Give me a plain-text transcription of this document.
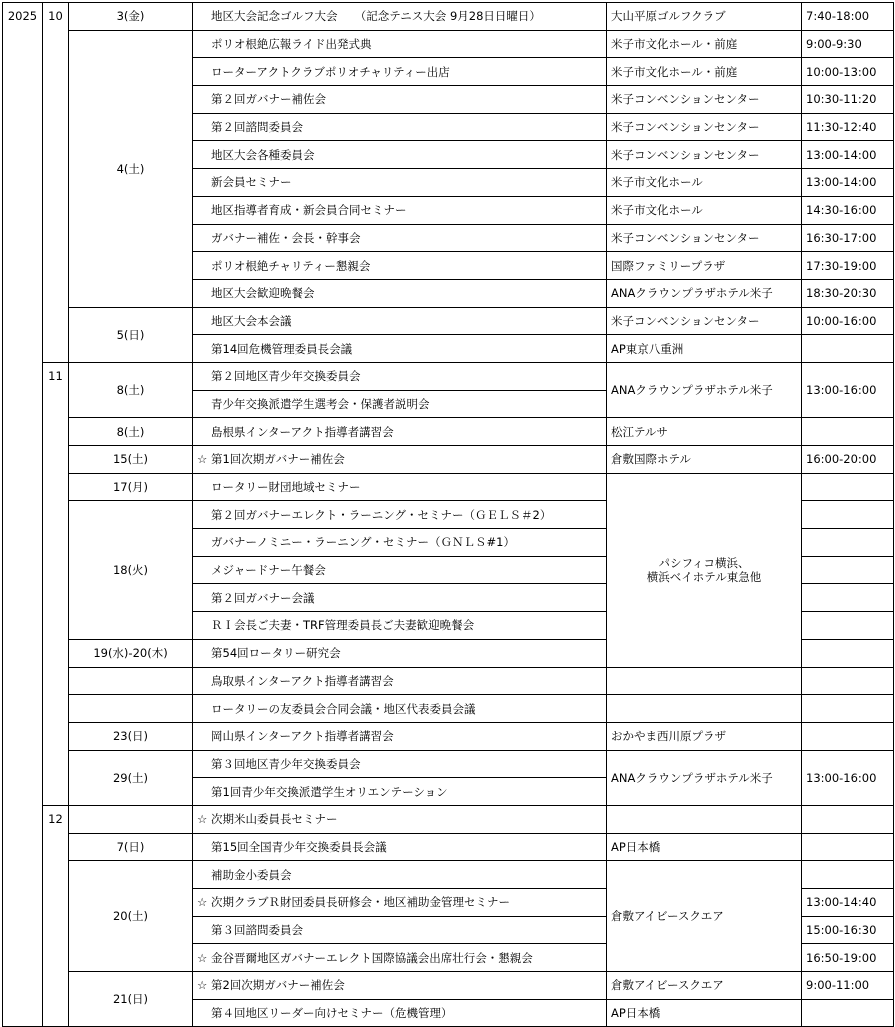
2025	10	3(金)	地区大会記念ゴルフ大会　　（記念テニス大会 9月28日日曜日）	大山平原ゴルフクラブ	7:40-18:00
		4(土)	ポリオ根絶広報ライド出発式典	米子市文化ホール・前庭	9:00-9:30
			ローターアクトクラブポリオチャリティー出店	米子市文化ホール・前庭	10:00-13:00
			第２回ガバナー補佐会	米子コンベンションセンター	10:30-11:20
			第２回諮問委員会	米子コンベンションセンター	11:30-12:40
			地区大会各種委員会	米子コンベンションセンター	13:00-14:00
			新会員セミナー	米子市文化ホール	13:00-14:00
			地区指導者育成・新会員合同セミナー	米子市文化ホール	14:30-16:00
			ガバナー補佐・会長・幹事会	米子コンベンションセンター	16:30-17:00
			ポリオ根絶チャリティー懇親会	国際ファミリープラザ	17:30-19:00
			地区大会歓迎晩餐会	ANAクラウンプラザホテル米子	18:30-20:30
		5(日)	地区大会本会議	米子コンベンションセンター	10:00-16:00
			第14回危機管理委員長会議	AP東京八重洲	
	11	8(土)	第２回地区青少年交換委員会	ANAクラウンプラザホテル米子	13:00-16:00
			青少年交換派遣学生選考会・保護者説明会		
		8(土)	島根県インターアクト指導者講習会	松江テルサ	
		15(土)	☆ 第1回次期ガバナー補佐会	倉敷国際ホテル	16:00-20:00
		17(月)	ロータリー財団地域セミナー	パシフィコ横浜、
横浜ベイホテル東急他	
		18(火)	第２回ガバナーエレクト・ラーニング・セミナー（ＧＥＬＳ＃2）		
			ガバナーノミニー・ラーニング・セミナー（ＧＮＬＳ#1）		
			メジャードナー午餐会		
			第２回ガバナー会議		
			ＲＩ会長ご夫妻・TRF管理委員長ご夫妻歓迎晩餐会		
		19(水)-20(木)	第54回ロータリー研究会		
			鳥取県インターアクト指導者講習会		
			ロータリーの友委員会合同会議・地区代表委員会議		
		23(日)	岡山県インターアクト指導者講習会	おかやま西川原プラザ	
		29(土)	第３回地区青少年交換委員会	ANAクラウンプラザホテル米子	13:00-16:00
			第1回青少年交換派遣学生オリエンテーション		
	12		☆ 次期米山委員長セミナー		
		7(日)	第15回全国青少年交換委員長会議	AP日本橋	
		20(土)	補助金小委員会	倉敷アイビースクエア	
			☆ 次期クラブＲ財団委員長研修会・地区補助金管理セミナー		13:00-14:40
			第３回諮問委員会		15:00-16:30
			☆ 金谷晋爾地区ガバナーエレクト国際協議会出席壮行会・懇親会		16:50-19:00
		21(日)	☆ 第2回次期ガバナー補佐会	倉敷アイビースクエア	9:00-11:00
			第４回地区リーダー向けセミナー（危機管理）	AP日本橋	
